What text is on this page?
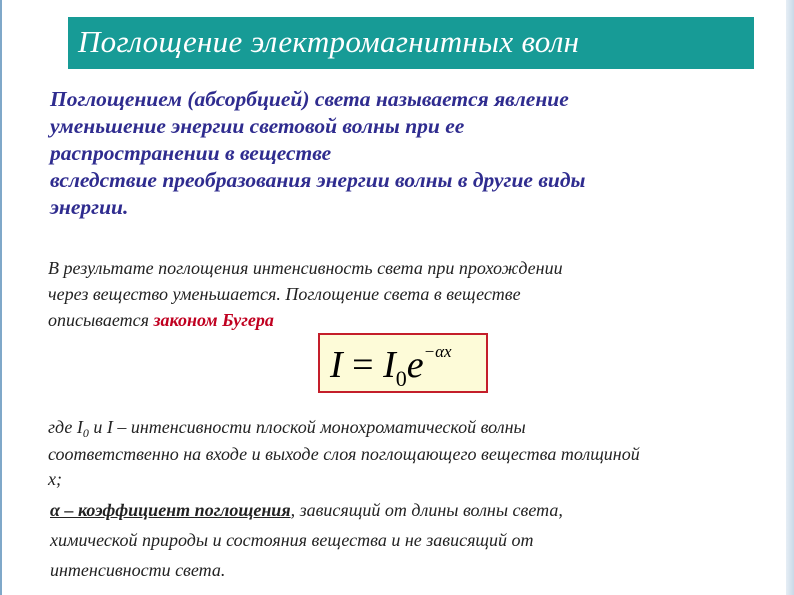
Поглощение электромагнитных волн
Поглощением (абсорбцией) света называется явление
уменьшение энергии световой волны при ее
распространении в веществе
вследствие преобразования энергии волны в другие виды
энергии.
В результате поглощения интенсивность света при прохождении
через вещество уменьшается. Поглощение света в веществе
описывается законом Бугера
$I = I_0e^{-\alpha x}$
где $I_0$ и I – интенсивности плоской монохроматической волны
соответственно на входе и выходе слоя поглощающего вещества толщиной
x;
α – коэффициент поглощения, зависящий от длины волны света,
химической природы и состояния вещества и не зависящий от
интенсивности света.
